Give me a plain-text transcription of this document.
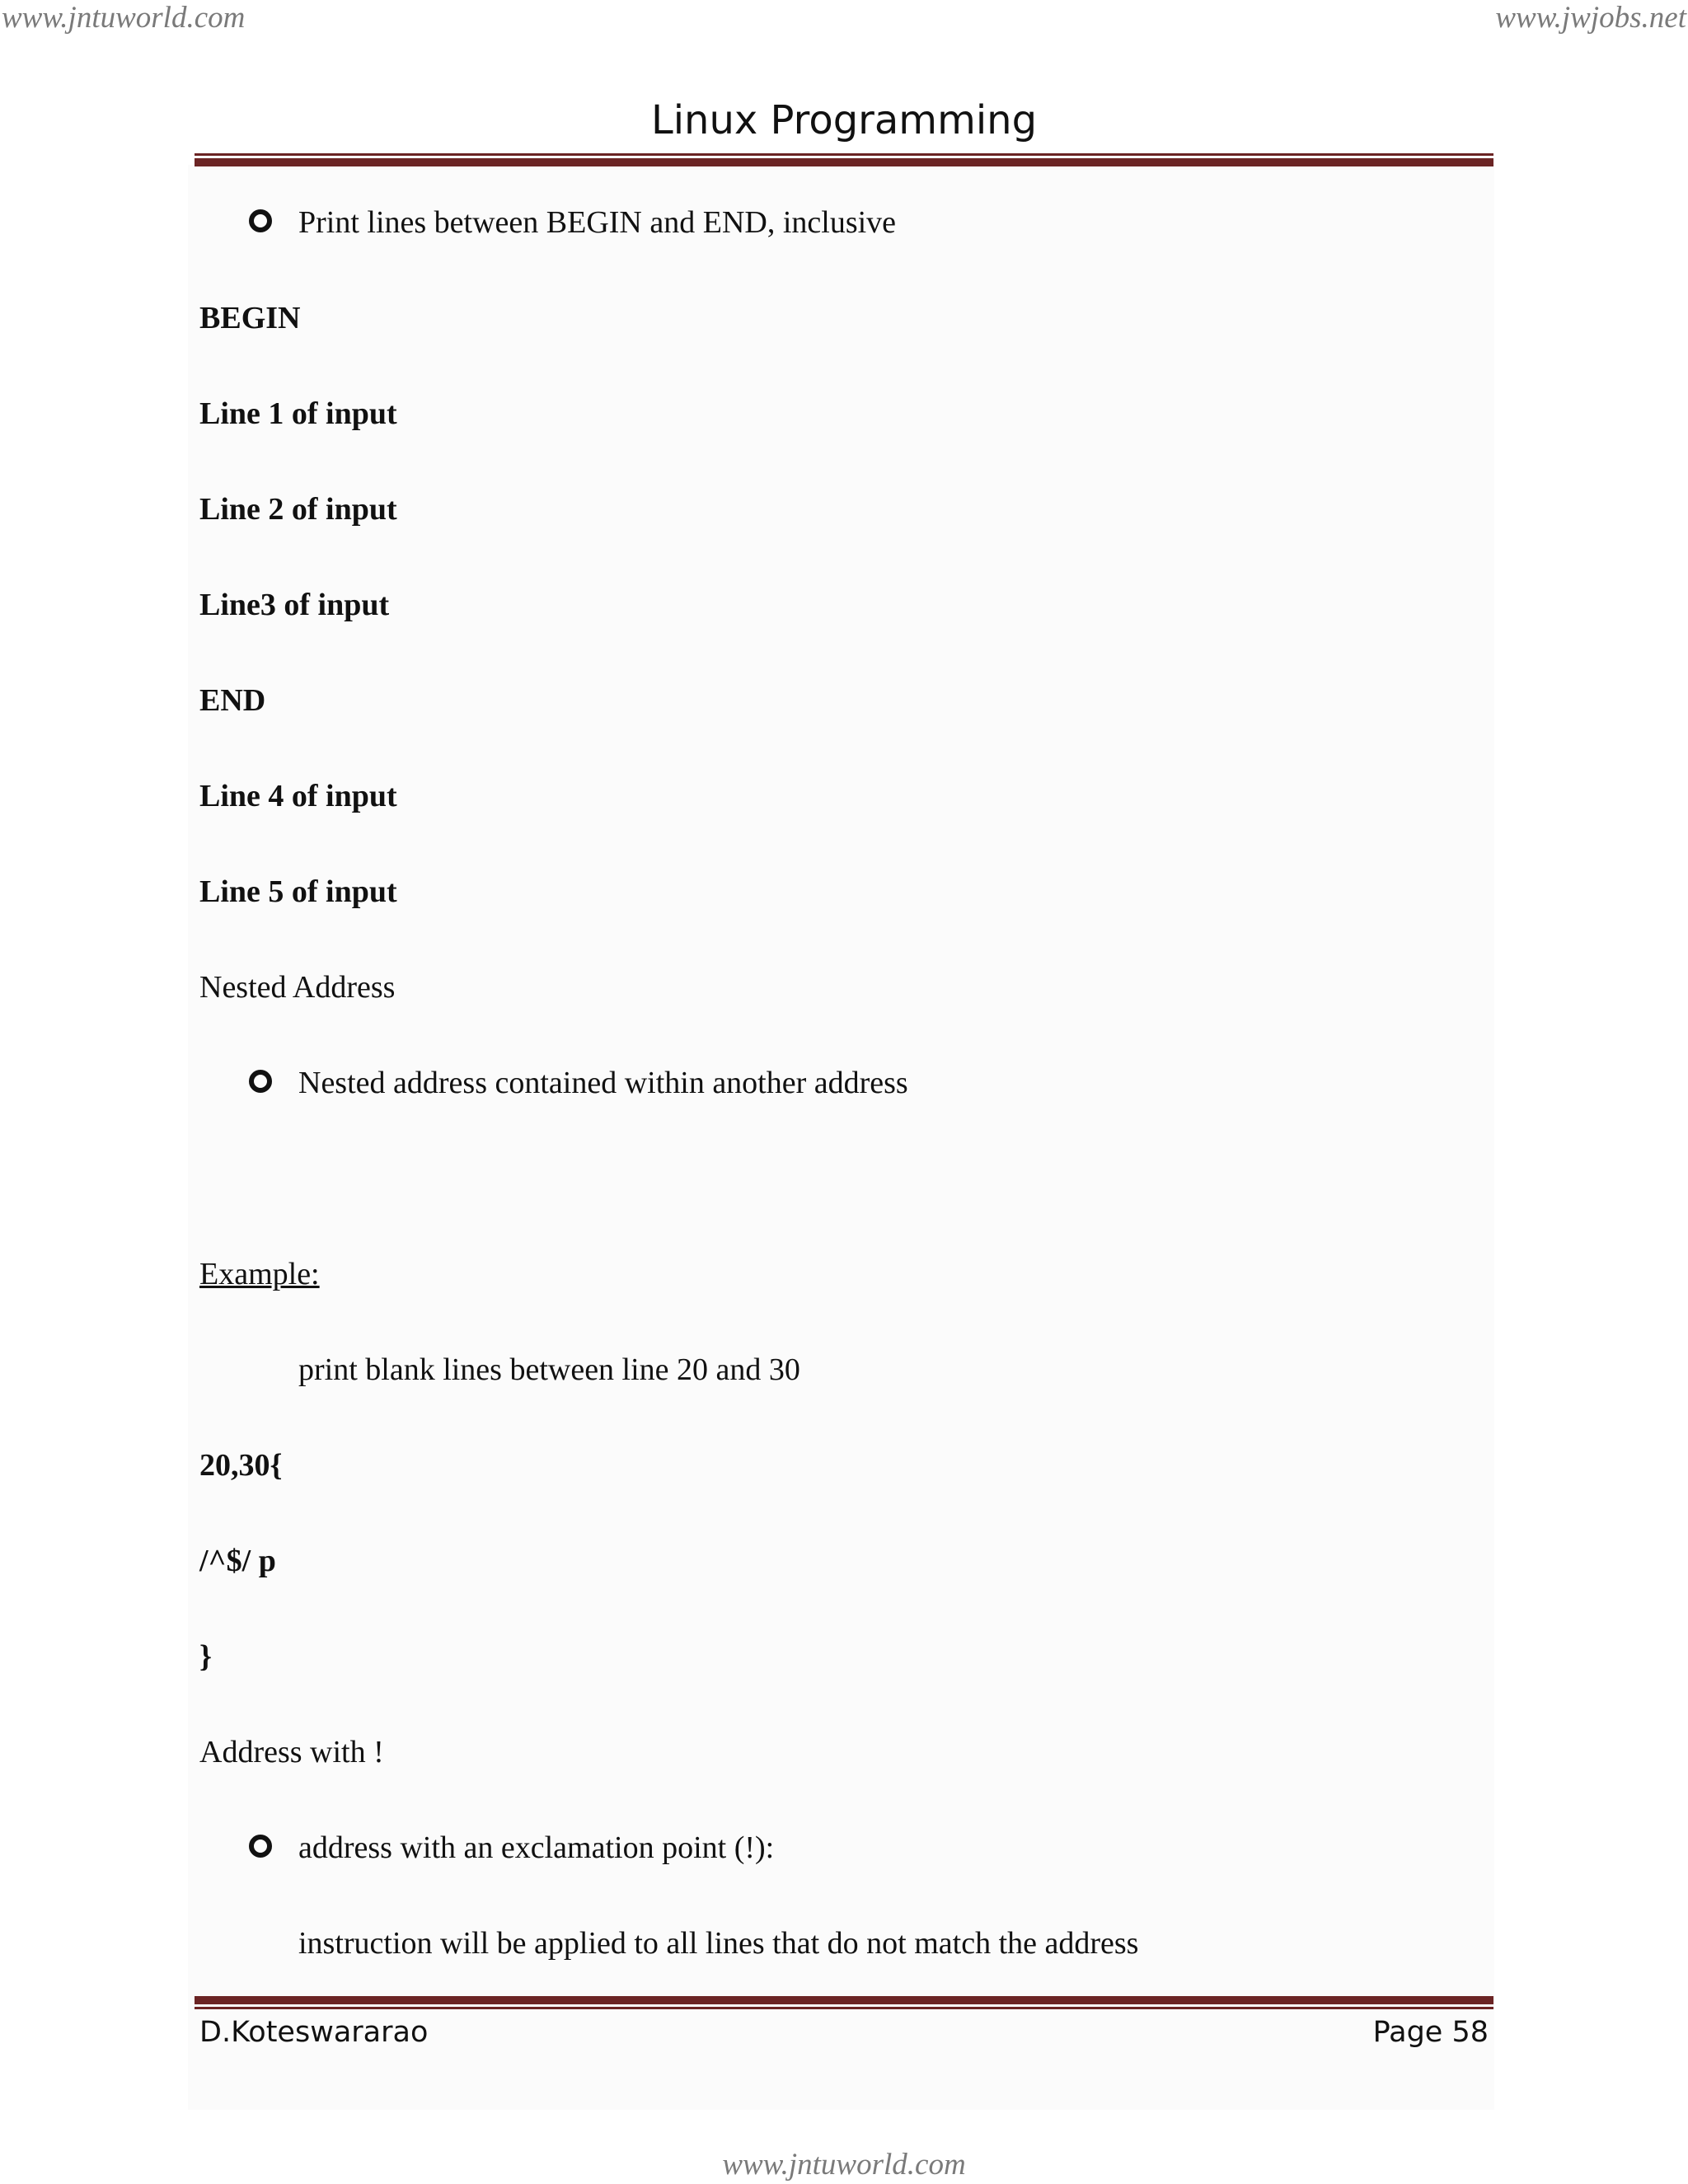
www.jntuworld.com	www.jwjobs.net
Linux Programming
Print lines between BEGIN and END, inclusive
BEGIN
Line 1 of input
Line 2 of input
Line3 of input
END
Line 4 of input
Line 5 of input
Nested Address
Nested address contained within another address
Example:
print blank lines between line 20 and 30
20,30{
/^$/ p
}
Address with !
address with an exclamation point (!):
instruction will be applied to all lines that do not match the address
D.Koteswararao	Page 58
www.jntuworld.com
